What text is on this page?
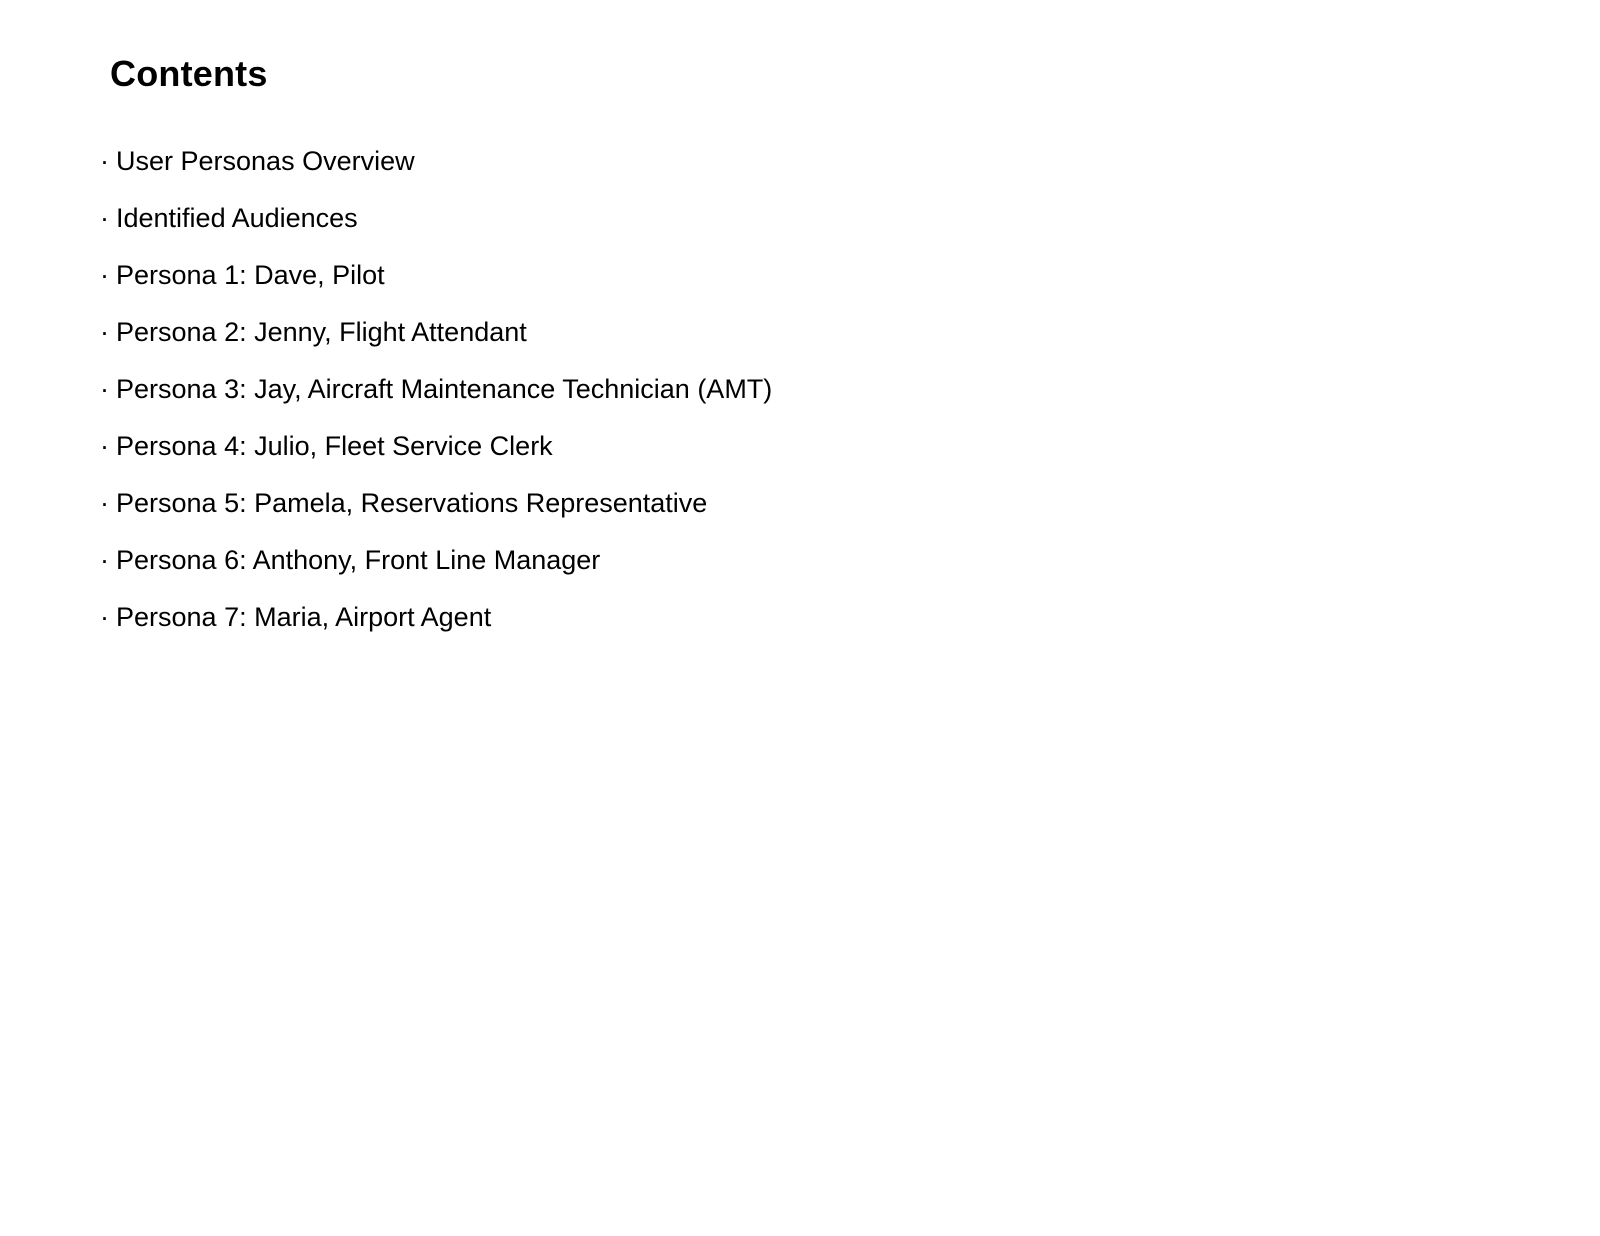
Contents
· User Personas Overview
· Identified Audiences
· Persona 1: Dave, Pilot
· Persona 2: Jenny, Flight Attendant
· Persona 3: Jay, Aircraft Maintenance Technician (AMT)
· Persona 4: Julio, Fleet Service Clerk
· Persona 5: Pamela, Reservations Representative
· Persona 6: Anthony, Front Line Manager
· Persona 7: Maria, Airport Agent
